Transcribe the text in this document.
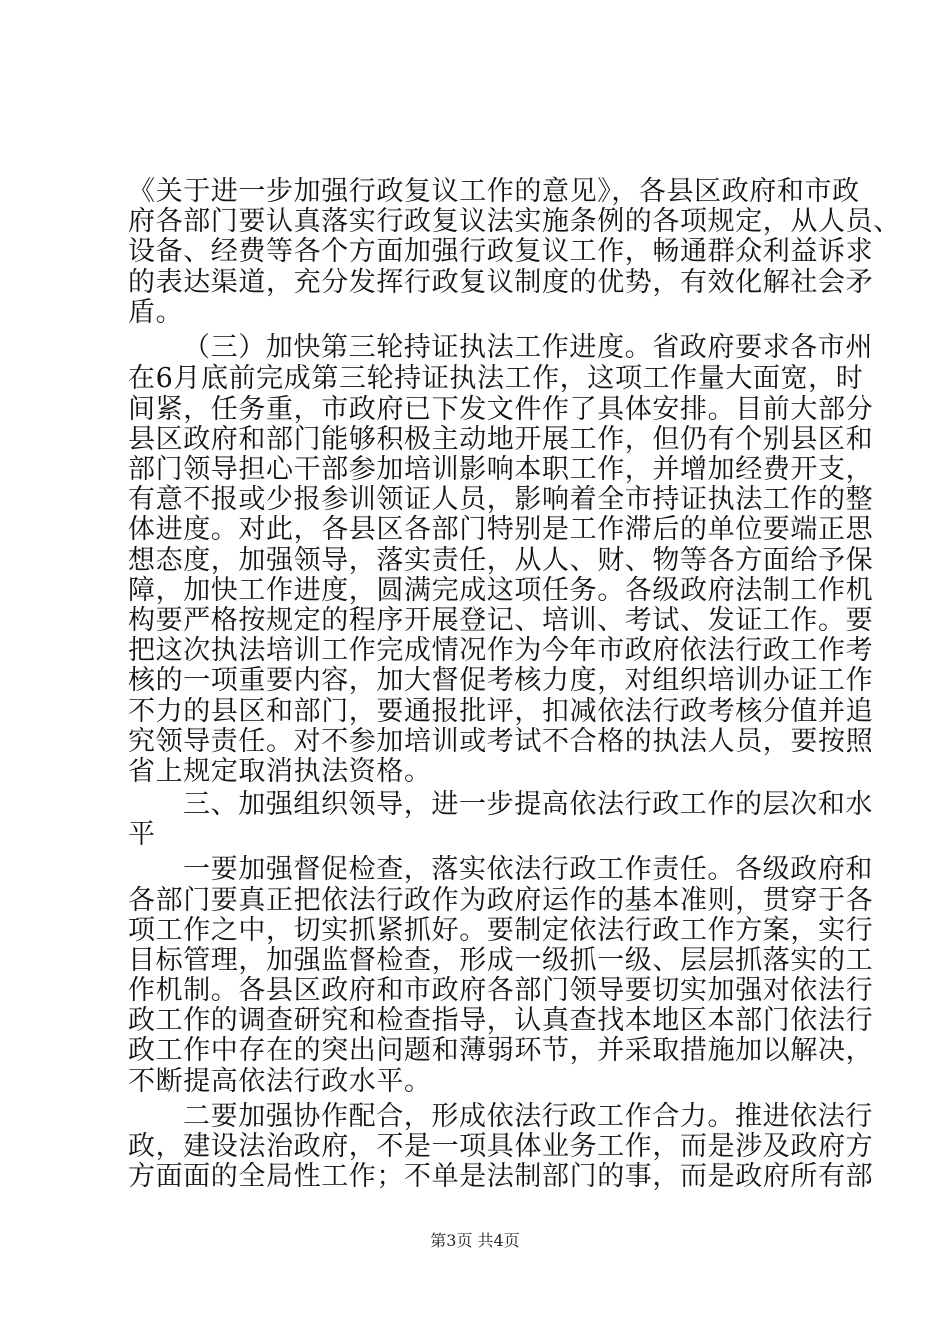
《关于进一步加强行政复议工作的意见》，各县区政府和市政
府各部门要认真落实行政复议法实施条例的各项规定，从人员、
设备、经费等各个方面加强行政复议工作，畅通群众利益诉求
的表达渠道，充分发挥行政复议制度的优势，有效化解社会矛
盾。
（三）加快第三轮持证执法工作进度。省政府要求各市州
在6月底前完成第三轮持证执法工作，这项工作量大面宽，时
间紧，任务重，市政府已下发文件作了具体安排。目前大部分
县区政府和部门能够积极主动地开展工作，但仍有个别县区和
部门领导担心干部参加培训影响本职工作，并增加经费开支，
有意不报或少报参训领证人员，影响着全市持证执法工作的整
体进度。对此，各县区各部门特别是工作滞后的单位要端正思
想态度，加强领导，落实责任，从人、财、物等各方面给予保
障，加快工作进度，圆满完成这项任务。各级政府法制工作机
构要严格按规定的程序开展登记、培训、考试、发证工作。要
把这次执法培训工作完成情况作为今年市政府依法行政工作考
核的一项重要内容，加大督促考核力度，对组织培训办证工作
不力的县区和部门，要通报批评，扣减依法行政考核分值并追
究领导责任。对不参加培训或考试不合格的执法人员，要按照
省上规定取消执法资格。
三、加强组织领导，进一步提高依法行政工作的层次和水
平
一要加强督促检查，落实依法行政工作责任。各级政府和
各部门要真正把依法行政作为政府运作的基本准则，贯穿于各
项工作之中，切实抓紧抓好。要制定依法行政工作方案，实行
目标管理，加强监督检查，形成一级抓一级、层层抓落实的工
作机制。各县区政府和市政府各部门领导要切实加强对依法行
政工作的调查研究和检查指导，认真查找本地区本部门依法行
政工作中存在的突出问题和薄弱环节，并采取措施加以解决，
不断提高依法行政水平。
二要加强协作配合，形成依法行政工作合力。推进依法行
政，建设法治政府，不是一项具体业务工作，而是涉及政府方
方面面的全局性工作；不单是法制部门的事，而是政府所有部
第3页 共4页
